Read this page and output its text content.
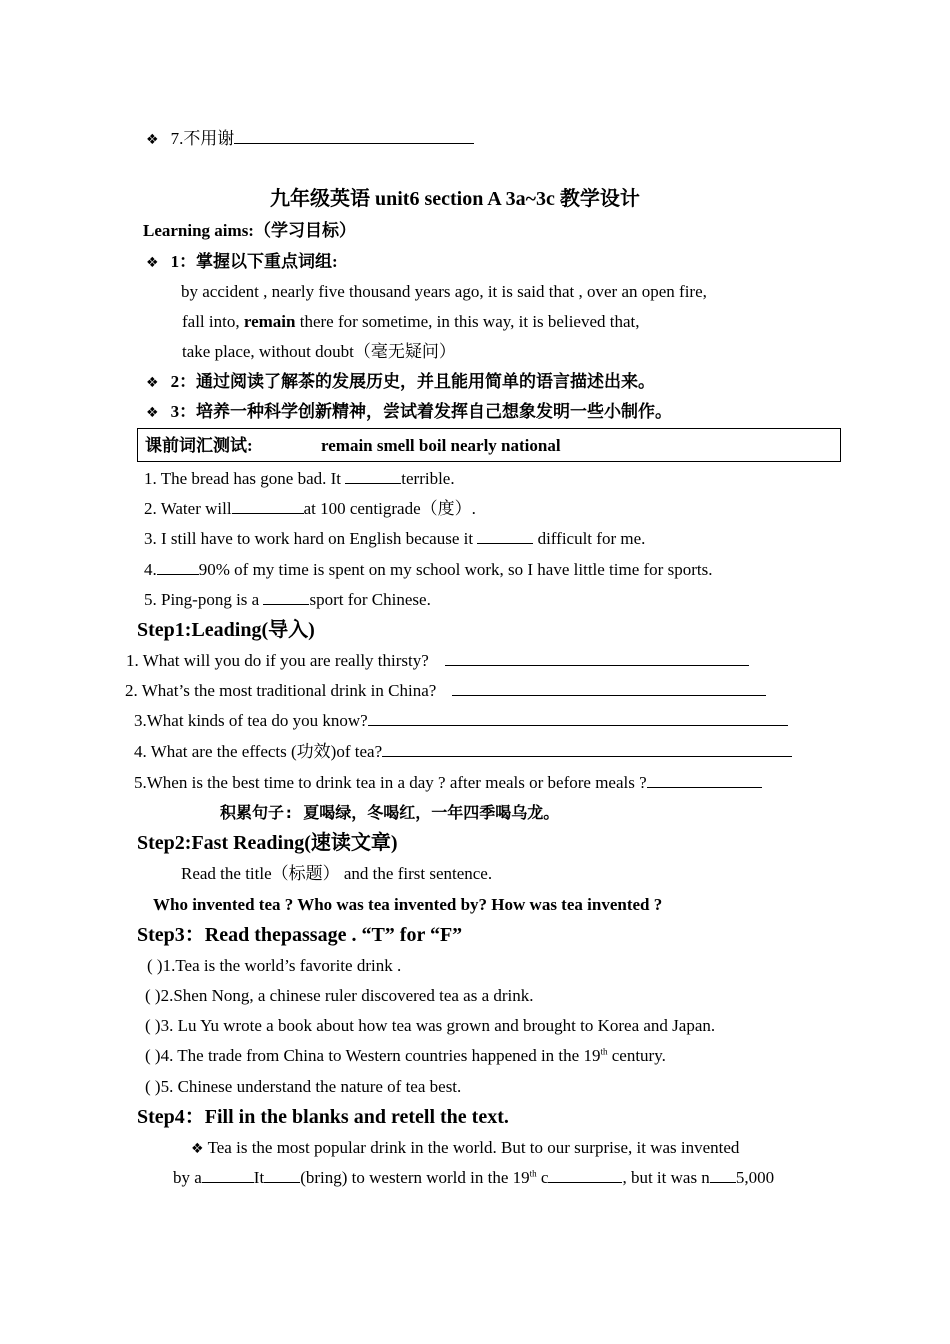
❖ 7.不用谢
九年级英语 unit6 section A 3a~3c 教学设计
Learning aims:（学习目标）
❖ 1：掌握以下重点词组:
by accident , nearly five thousand years ago, it is said that , over an open fire,
fall into, remain there for sometime, in this way, it is believed that,
take place, without doubt（毫无疑问）
❖ 2：通过阅读了解茶的发展历史，并且能用简单的语言描述出来。
❖ 3：培养一种科学创新精神，尝试着发挥自己想象发明一些小制作。
课前词汇测试:	remain smell boil nearly national
1. The bread has gone bad. It	terrible.
2. Water will	at 100 centigrade（度）.
3. I still have to work hard on English because it	difficult for me.
4. 90% of my time is spent on my school work, so I have little time for sports.
5. Ping-pong is a	sport for Chinese.
Step1:Leading(导入)
1. What will you do if you are really thirsty?
2. What’s the most traditional drink in China?
3.What kinds of tea do you know?
4. What are the effects (功效)of tea?
5.When is the best time to drink tea in a day ? after meals or before meals ?
积累句子: 夏喝绿，冬喝红，一年四季喝乌龙。
Step2:Fast Reading(速读文章)
Read the title（标题） and the first sentence.
Who invented tea ? Who was tea invented by? How was tea invented ?
Step3：Read thepassage . “T” for “F”
( )1.Tea is the world’s favorite drink .
( )2.Shen Nong, a chinese ruler discovered tea as a drink.
( )3. Lu Yu wrote a book about how tea was grown and brought to Korea and Japan.
( )4. The trade from China to Western countries happened in the 19th century.
( )5. Chinese understand the nature of tea best.
Step4：Fill in the blanks and retell the text.
❖ Tea is the most popular drink in the world. But to our surprise, it was invented
by a	It (bring) to western world in the 19th c	, but it was n 5,000
